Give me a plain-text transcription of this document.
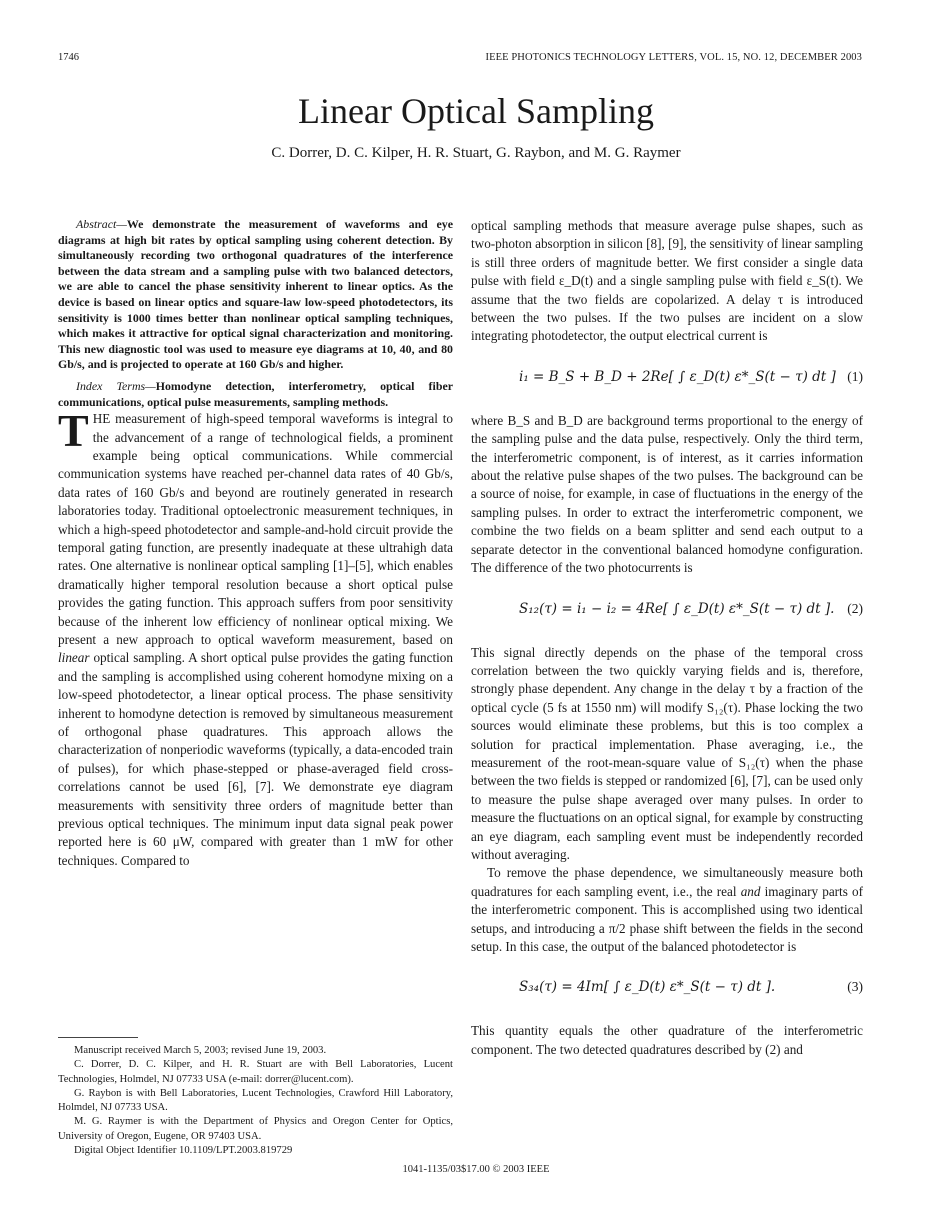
1746	IEEE PHOTONICS TECHNOLOGY LETTERS, VOL. 15, NO. 12, DECEMBER 2003
Linear Optical Sampling
C. Dorrer, D. C. Kilper, H. R. Stuart, G. Raybon, and M. G. Raymer

Abstract—We demonstrate the measurement of waveforms and eye diagrams at high bit rates by optical sampling using coherent detection. By simultaneously recording two orthogonal quadratures of the interference between the data stream and a sampling pulse with two balanced detectors, we are able to cancel the phase sensitivity inherent to linear optics. As the device is based on linear optics and square-law low-speed photodetectors, its sensitivity is 1000 times better than nonlinear optical sampling techniques, which makes it attractive for optical signal characterization and monitoring. This new diagnostic tool was used to measure eye diagrams at 10, 40, and 80 Gb/s, and is projected to operate at 160 Gb/s and higher.

Index Terms—Homodyne detection, interferometry, optical fiber communications, optical pulse measurements, sampling methods.

THE measurement of high-speed temporal waveforms is integral to the advancement of a range of technological fields, a prominent example being optical communications. While commercial communication systems have reached per-channel data rates of 40 Gb/s, data rates of 160 Gb/s and beyond are routinely generated in research laboratories today. Traditional optoelectronic measurement techniques, in which a high-speed photodetector and sample-and-hold circuit provide the temporal gating function, are presently inadequate at these ultrahigh data rates. One alternative is nonlinear optical sampling [1]–[5], which enables dramatically higher temporal resolution because a short optical pulse provides the gating function. This approach suffers from poor sensitivity because of the inherent low efficiency of nonlinear optical mixing. We present a new approach to optical waveform measurement, based on linear optical sampling. A short optical pulse provides the gating function and the sampling is accomplished using coherent homodyne mixing on a low-speed photodetector, a linear optical process. The phase sensitivity inherent to homodyne detection is removed by simultaneous measurement of orthogonal phase quadratures. This approach allows the characterization of nonperiodic waveforms (typically, a data-encoded train of pulses), for which phase-stepped or phase-averaged field cross-correlations cannot be used [6], [7]. We demonstrate eye diagram measurements with sensitivity three orders of magnitude better than previous optical techniques. The minimum input data signal peak power reported here is 60 μW, compared with greater than 1 mW for other techniques. Compared to

Manuscript received March 5, 2003; revised June 19, 2003.

C. Dorrer, D. C. Kilper, and H. R. Stuart are with Bell Laboratories, Lucent Technologies, Holmdel, NJ 07733 USA (e-mail: dorrer@lucent.com).

G. Raybon is with Bell Laboratories, Lucent Technologies, Crawford Hill Laboratory, Holmdel, NJ 07733 USA.

M. G. Raymer is with the Department of Physics and Oregon Center for Optics, University of Oregon, Eugene, OR 97403 USA.

Digital Object Identifier 10.1109/LPT.2003.819729

optical sampling methods that measure average pulse shapes, such as two-photon absorption in silicon [8], [9], the sensitivity of linear sampling is still three orders of magnitude better. We first consider a single data pulse with field ε_D(t) and a single sampling pulse with field ε_S(t). We assume that the two fields are copolarized. A delay τ is introduced between the two pulses. If the two pulses are incident on a slow integrating photodetector, the output electrical current is

i₁ = B_S + B_D + 2Re[ ∫ ε_D(t) ε*_S(t − τ) dt ] (1)

where B_S and B_D are background terms proportional to the energy of the sampling pulse and the data pulse, respectively. Only the third term, the interferometric component, is of interest, as it carries information about the relative pulse shapes of the two pulses. The background can be a source of noise, for example, in case of fluctuations in the energy of the sampling pulses. In order to extract the interferometric component, we combine the two fields on a beam splitter and send each output to a separate detector in the conventional balanced homodyne configuration. The difference of the two photocurrents is

S₁₂(τ) = i₁ − i₂ = 4Re[ ∫ ε_D(t) ε*_S(t − τ) dt ]. (2)

This signal directly depends on the phase of the temporal cross correlation between the two quickly varying fields and is, therefore, strongly phase dependent. Any change in the delay τ by a fraction of the optical cycle (5 fs at 1550 nm) will modify S₁₂(τ). Phase locking the two sources would eliminate these problems, but this is too complex a solution for practical implementation. Phase averaging, i.e., the measurement of the root-mean-square value of S₁₂(τ) when the phase between the two fields is stepped or randomized [6], [7], can be used only to measure the pulse shape averaged over many pulses. In order to measure the fluctuations on an optical signal, for example by constructing an eye diagram, each sampling event must be independently recorded without averaging.

To remove the phase dependence, we simultaneously measure both quadratures for each sampling event, i.e., the real and imaginary parts of the interferometric component. This is accomplished using two identical setups, and introducing a π/2 phase shift between the fields in the second setup. In this case, the output of the balanced photodetector is

S₃₄(τ) = 4Im[ ∫ ε_D(t) ε*_S(t − τ) dt ].	(3)

This quantity equals the other quadrature of the interferometric component. The two detected quadratures described by (2) and

1041-1135/03$17.00 © 2003 IEEE
